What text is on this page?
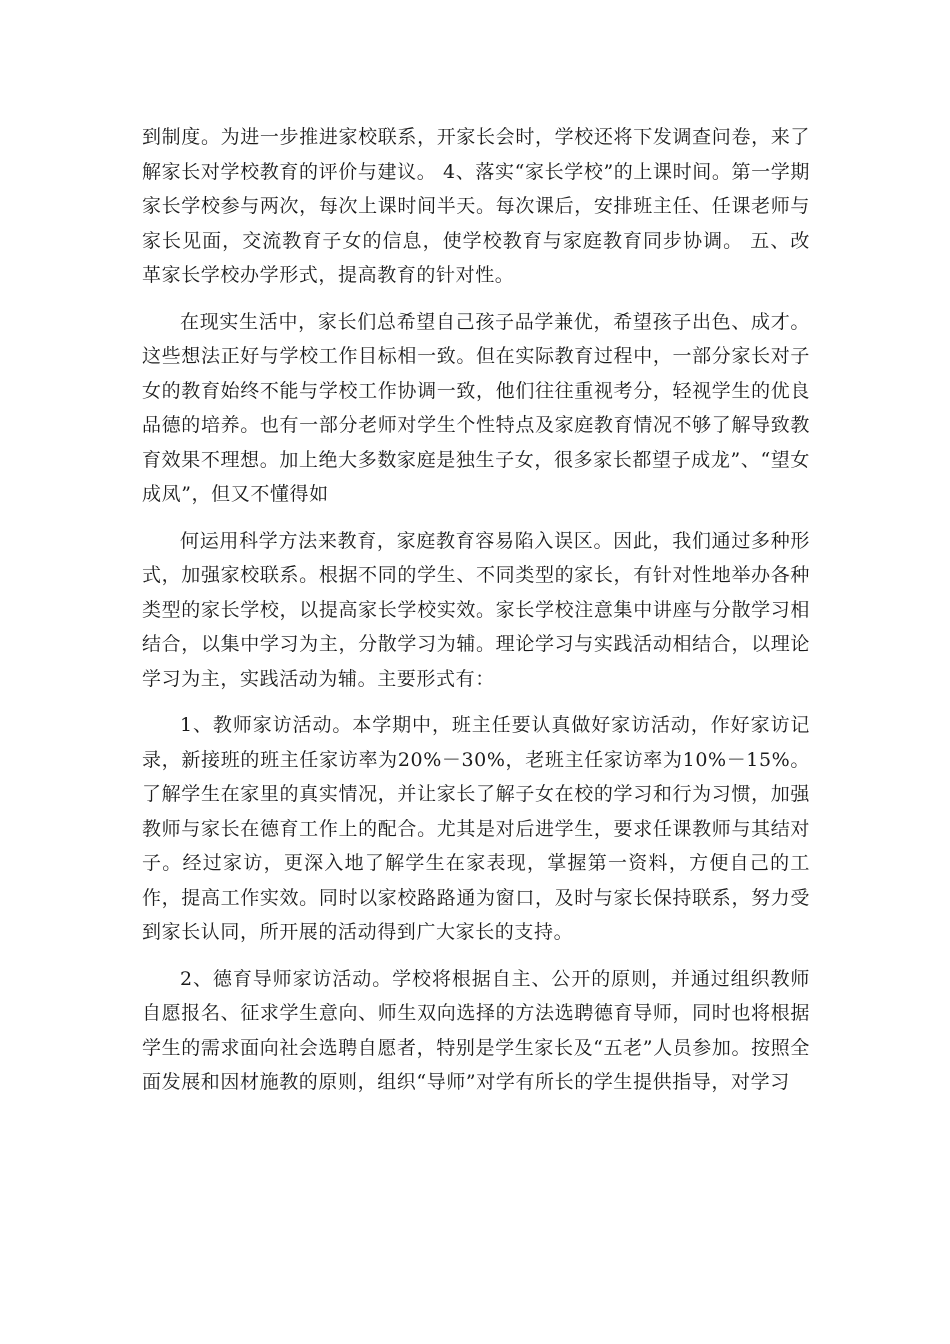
到制度。为进一步推进家校联系，开家长会时，学校还将下发调查问卷，来了解家长对学校教育的评价与建议。 4、落实“家长学校”的上课时间。第一学期家长学校参与两次，每次上课时间半天。每次课后，安排班主任、任课老师与家长见面，交流教育子女的信息，使学校教育与家庭教育同步协调。 五、改革家长学校办学形式，提高教育的针对性。

在现实生活中，家长们总希望自己孩子品学兼优，希望孩子出色、成才。这些想法正好与学校工作目标相一致。但在实际教育过程中，一部分家长对子女的教育始终不能与学校工作协调一致，他们往往重视考分，轻视学生的优良品德的培养。也有一部分老师对学生个性特点及家庭教育情况不够了解导致教育效果不理想。加上绝大多数家庭是独生子女，很多家长都望子成龙”、“望女成凤”，但又不懂得如

何运用科学方法来教育，家庭教育容易陷入误区。因此，我们通过多种形式，加强家校联系。根据不同的学生、不同类型的家长，有针对性地举办各种类型的家长学校，以提高家长学校实效。家长学校注意集中讲座与分散学习相结合，以集中学习为主，分散学习为辅。理论学习与实践活动相结合，以理论学习为主，实践活动为辅。主要形式有：

1、教师家访活动。本学期中，班主任要认真做好家访活动，作好家访记录，新接班的班主任家访率为20%－30%，老班主任家访率为10%－15%。了解学生在家里的真实情况，并让家长了解子女在校的学习和行为习惯，加强教师与家长在德育工作上的配合。尤其是对后进学生，要求任课教师与其结对子。经过家访，更深入地了解学生在家表现，掌握第一资料，方便自己的工作，提高工作实效。同时以家校路路通为窗口，及时与家长保持联系，努力受到家长认同，所开展的活动得到广大家长的支持。

2、德育导师家访活动。学校将根据自主、公开的原则，并通过组织教师自愿报名、征求学生意向、师生双向选择的方法选聘德育导师，同时也将根据学生的需求面向社会选聘自愿者，特别是学生家长及“五老”人员参加。按照全面发展和因材施教的原则，组织“导师”对学有所长的学生提供指导，对学习
